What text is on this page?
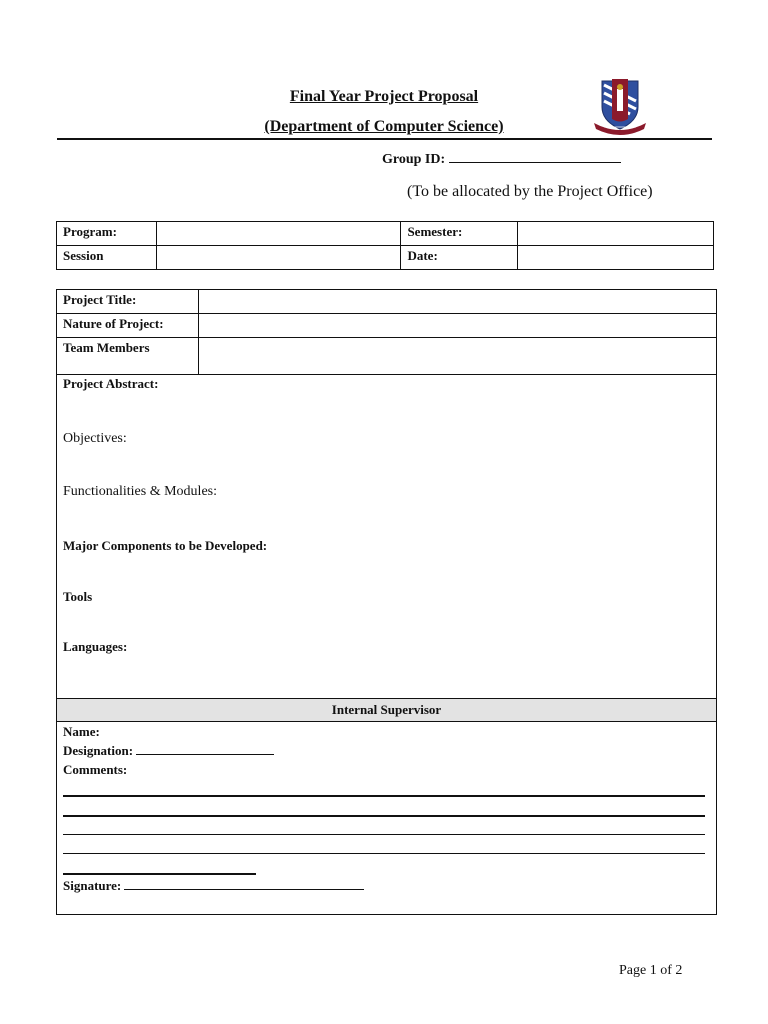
Final Year Project Proposal
(Department of Computer Science)
Group ID:
(To be allocated by the Project Office)
Program:		Semester:	
Session		Date:	
Project Title:	
Nature of Project:	
Team Members	
Project Abstract:
Objectives:
Functionalities & Modules:
Major Components to be Developed:
Tools
Languages:
Internal Supervisor
Name:
Designation:
Comments:
Signature:
Page 1 of 2
